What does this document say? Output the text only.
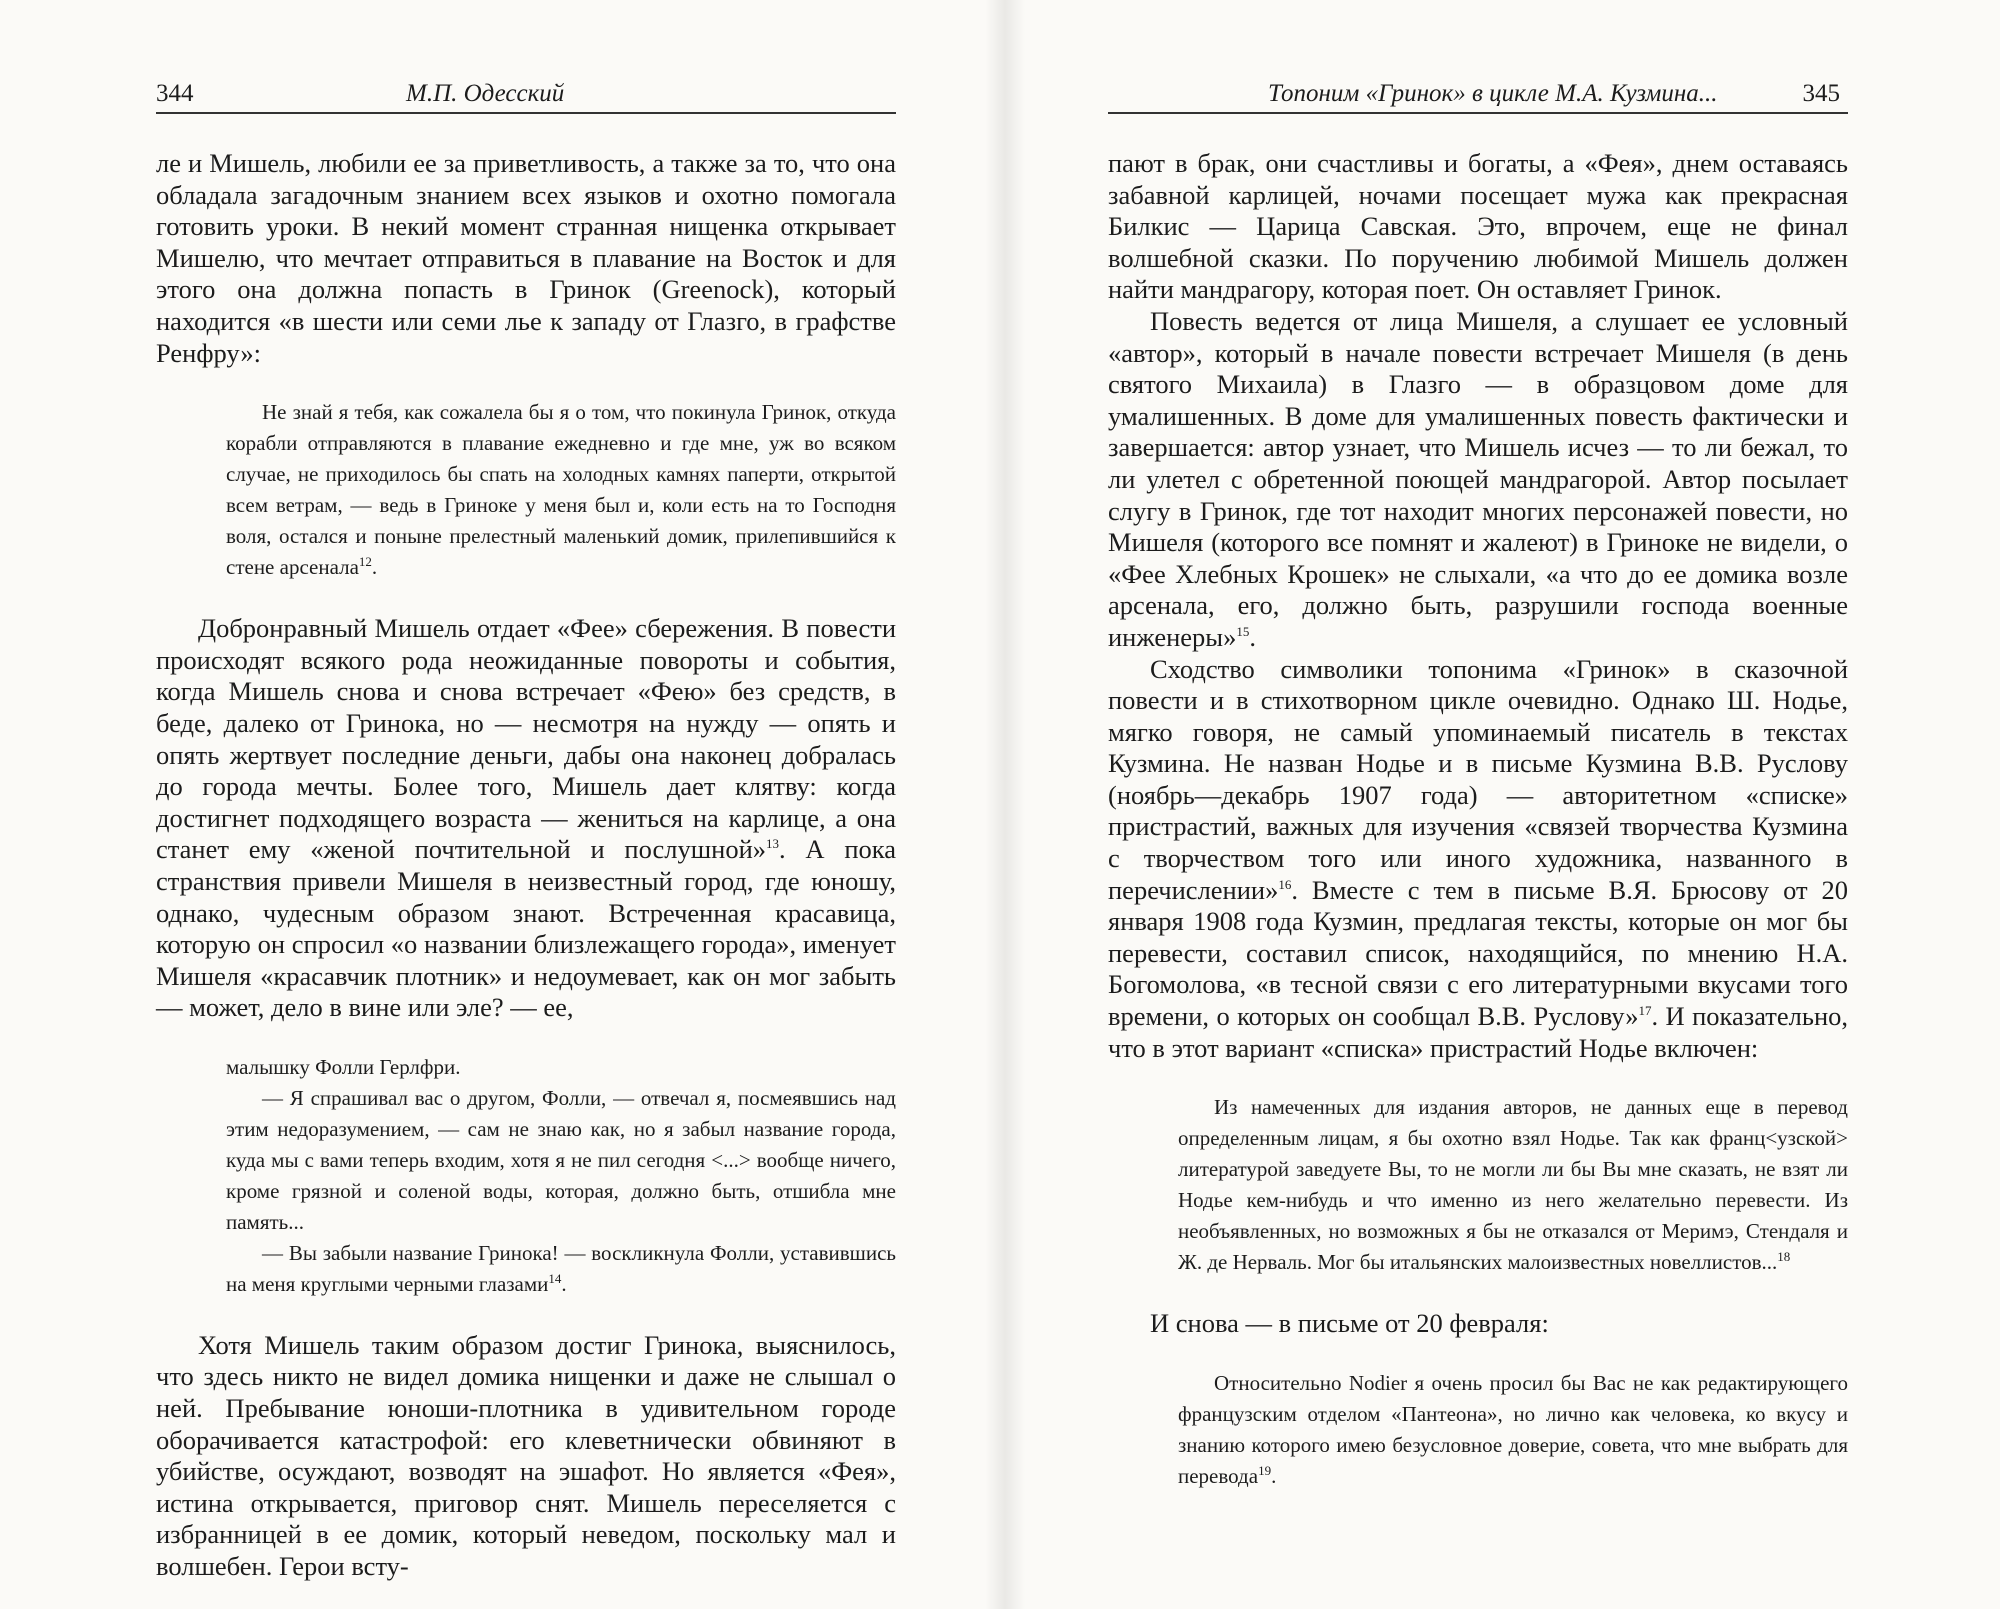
344	М.П. Одесский

ле и Мишель, любили ее за приветливость, а также за то, что она обладала загадочным знанием всех языков и охотно помогала готовить уроки. В некий момент странная нищенка открывает Мишелю, что мечтает отправиться в плавание на Восток и для этого она должна попасть в Гринок (Greenock), который находится «в шести или семи лье к западу от Глазго, в графстве Ренфру»:

Не знай я тебя, как сожалела бы я о том, что покинула Гринок, откуда корабли отправляются в плавание ежедневно и где мне, уж во всяком случае, не приходилось бы спать на холодных камнях паперти, открытой всем ветрам, — ведь в Гриноке у меня был и, коли есть на то Господня воля, остался и поныне прелестный маленький домик, прилепившийся к стене арсенала$^{12}$.

Добронравный Мишель отдает «Фее» сбережения. В повести происходят всякого рода неожиданные повороты и события, когда Мишель снова и снова встречает «Фею» без средств, в беде, далеко от Гринока, но — несмотря на нужду — опять и опять жертвует последние деньги, дабы она наконец добралась до города мечты. Более того, Мишель дает клятву: когда достигнет подходящего возраста — жениться на карлице, а она станет ему «женой почтительной и послушной»$^{13}$. А пока странствия привели Мишеля в неизвестный город, где юношу, однако, чудесным образом знают. Встреченная красавица, которую он спросил «о названии близлежащего города», именует Мишеля «красавчик плотник» и недоумевает, как он мог забыть — может, дело в вине или эле? — ее,

малышку Фолли Герлфри.

— Я спрашивал вас о другом, Фолли, — отвечал я, посмеявшись над этим недоразумением, — сам не знаю как, но я забыл название города, куда мы с вами теперь входим, хотя я не пил сегодня <...> вообще ничего, кроме грязной и соленой воды, которая, должно быть, отшибла мне память...

— Вы забыли название Гринока! — воскликнула Фолли, уставившись на меня круглыми черными глазами$^{14}$.

Хотя Мишель таким образом достиг Гринока, выяснилось, что здесь никто не видел домика нищенки и даже не слышал о ней. Пребывание юноши-плотника в удивительном городе оборачивается катастрофой: его клеветнически обвиняют в убийстве, осуждают, возводят на эшафот. Но является «Фея», истина открывается, приговор снят. Мишель переселяется с избранницей в ее домик, который неведом, поскольку мал и волшебен. Герои всту-

Топоним «Гринок» в цикле М.А. Кузмина...	345

пают в брак, они счастливы и богаты, а «Фея», днем оставаясь забавной карлицей, ночами посещает мужа как прекрасная Билкис — Царица Савская. Это, впрочем, еще не финал волшебной сказки. По поручению любимой Мишель должен найти мандрагору, которая поет. Он оставляет Гринок.

Повесть ведется от лица Мишеля, а слушает ее условный «автор», который в начале повести встречает Мишеля (в день святого Михаила) в Глазго — в образцовом доме для умалишенных. В доме для умалишенных повесть фактически и завершается: автор узнает, что Мишель исчез — то ли бежал, то ли улетел с обретенной поющей мандрагорой. Автор посылает слугу в Гринок, где тот находит многих персонажей повести, но Мишеля (которого все помнят и жалеют) в Гриноке не видели, о «Фее Хлебных Крошек» не слыхали, «а что до ее домика возле арсенала, его, должно быть, разрушили господа военные инженеры»$^{15}$.

Сходство символики топонима «Гринок» в сказочной повести и в стихотворном цикле очевидно. Однако Ш. Нодье, мягко говоря, не самый упоминаемый писатель в текстах Кузмина. Не назван Нодье и в письме Кузмина В.В. Руслову (ноябрь—декабрь 1907 года) — авторитетном «списке» пристрастий, важных для изучения «связей творчества Кузмина с творчеством того или иного художника, названного в перечислении»$^{16}$. Вместе с тем в письме В.Я. Брюсову от 20 января 1908 года Кузмин, предлагая тексты, которые он мог бы перевести, составил список, находящийся, по мнению Н.А. Богомолова, «в тесной связи с его литературными вкусами того времени, о которых он сообщал В.В. Руслову»$^{17}$. И показательно, что в этот вариант «списка» пристрастий Нодье включен:

Из намеченных для издания авторов, не данных еще в перевод определенным лицам, я бы охотно взял Нодье. Так как франц<узской> литературой заведуете Вы, то не могли ли бы Вы мне сказать, не взят ли Нодье кем-нибудь и что именно из него желательно перевести. Из необъявленных, но возможных я бы не отказался от Меримэ, Стендаля и Ж. де Нерваль. Мог бы итальянских малоизвестных новеллистов...$^{18}$

И снова — в письме от 20 февраля:

Относительно Nodier я очень просил бы Вас не как редактирующего французским отделом «Пантеона», но лично как человека, ко вкусу и знанию которого имею безусловное доверие, совета, что мне выбрать для перевода$^{19}$.
